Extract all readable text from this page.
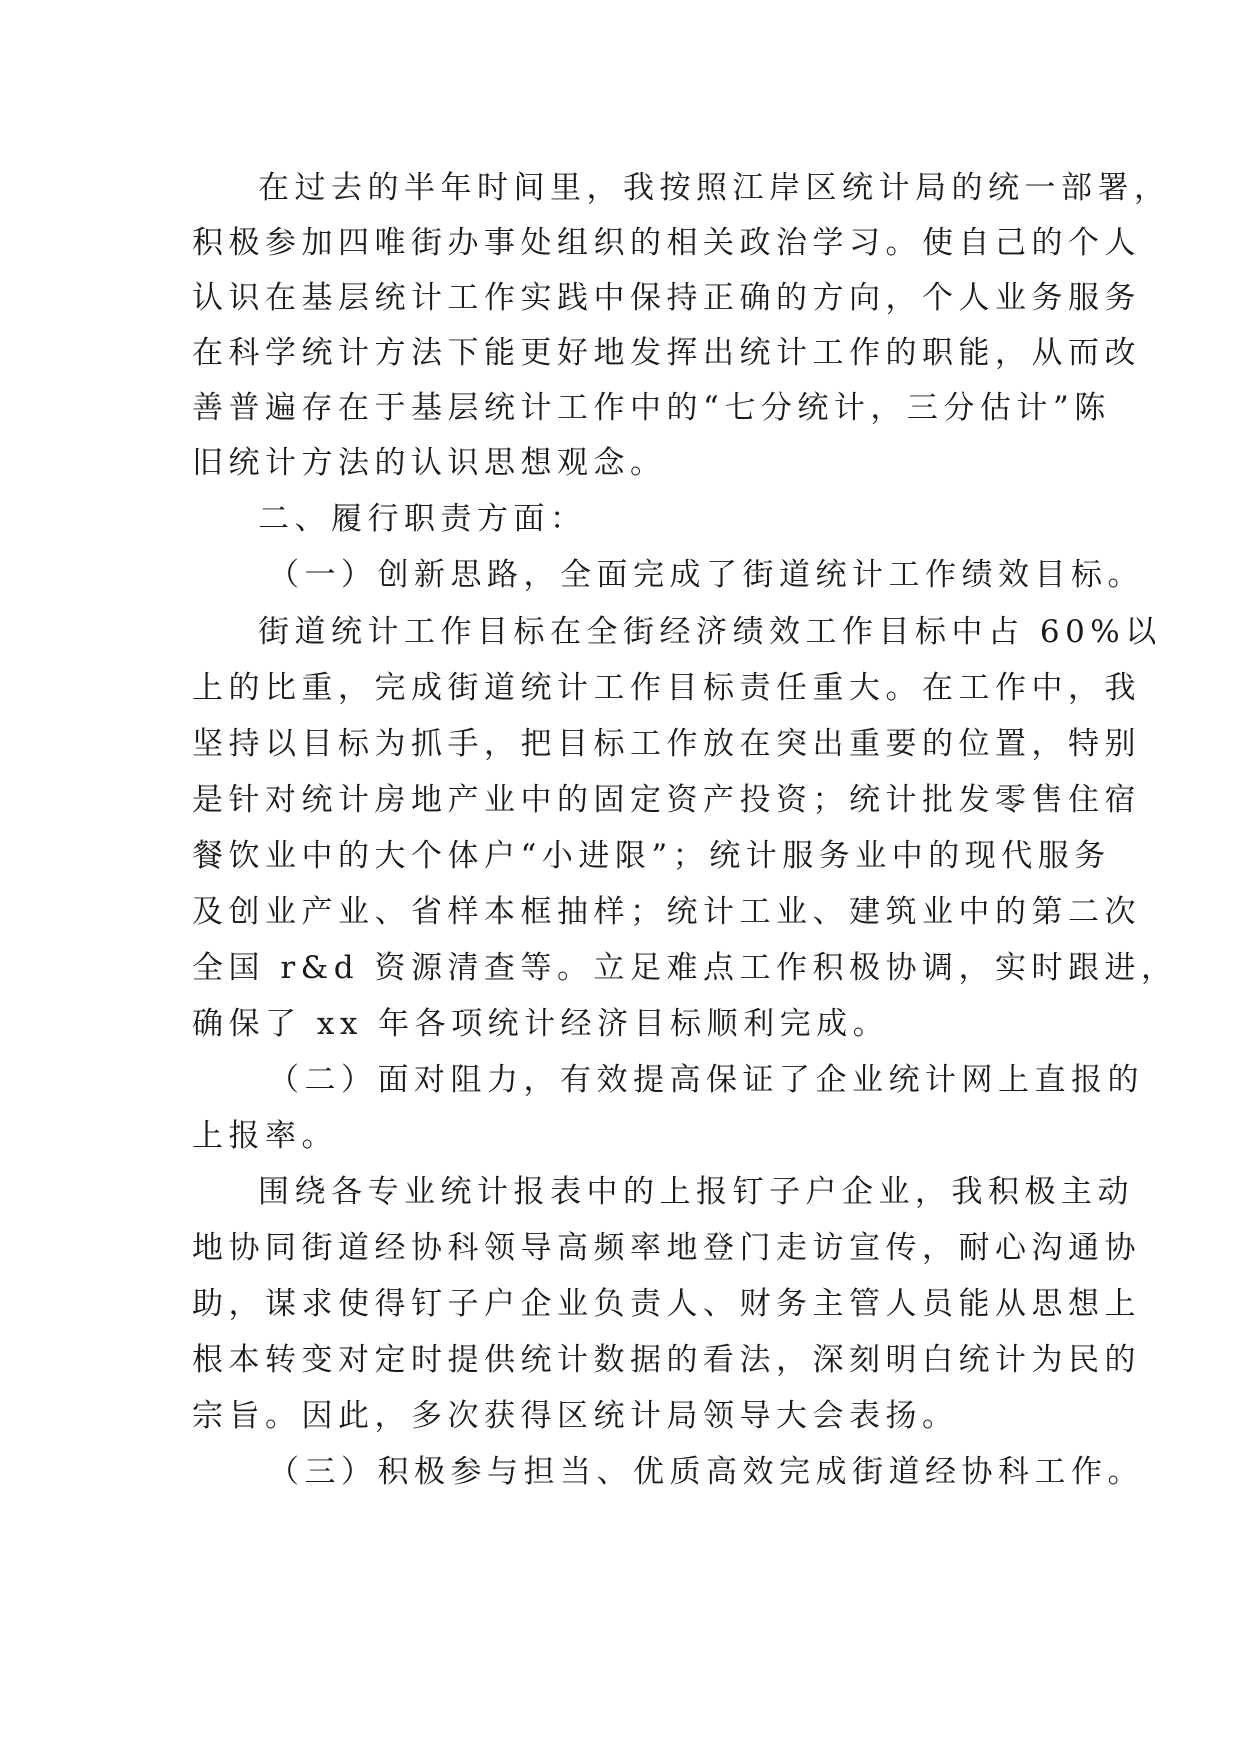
在过去的半年时间里，我按照江岸区统计局的统一部署，
积极参加四唯街办事处组织的相关政治学习。使自己的个人
认识在基层统计工作实践中保持正确的方向，个人业务服务
在科学统计方法下能更好地发挥出统计工作的职能，从而改
善普遍存在于基层统计工作中的“七分统计，三分估计”陈
旧统计方法的认识思想观念。
二、履行职责方面：
（一）创新思路，全面完成了街道统计工作绩效目标。
街道统计工作目标在全街经济绩效工作目标中占 60%以
上的比重，完成街道统计工作目标责任重大。在工作中，我
坚持以目标为抓手，把目标工作放在突出重要的位置，特别
是针对统计房地产业中的固定资产投资；统计批发零售住宿
餐饮业中的大个体户“小进限”；统计服务业中的现代服务
及创业产业、省样本框抽样；统计工业、建筑业中的第二次
全国 r&d 资源清查等。立足难点工作积极协调，实时跟进，
确保了 xx 年各项统计经济目标顺利完成。
（二）面对阻力，有效提高保证了企业统计网上直报的
上报率。
围绕各专业统计报表中的上报钉子户企业，我积极主动
地协同街道经协科领导高频率地登门走访宣传，耐心沟通协
助，谋求使得钉子户企业负责人、财务主管人员能从思想上
根本转变对定时提供统计数据的看法，深刻明白统计为民的
宗旨。因此，多次获得区统计局领导大会表扬。
（三）积极参与担当、优质高效完成街道经协科工作。
